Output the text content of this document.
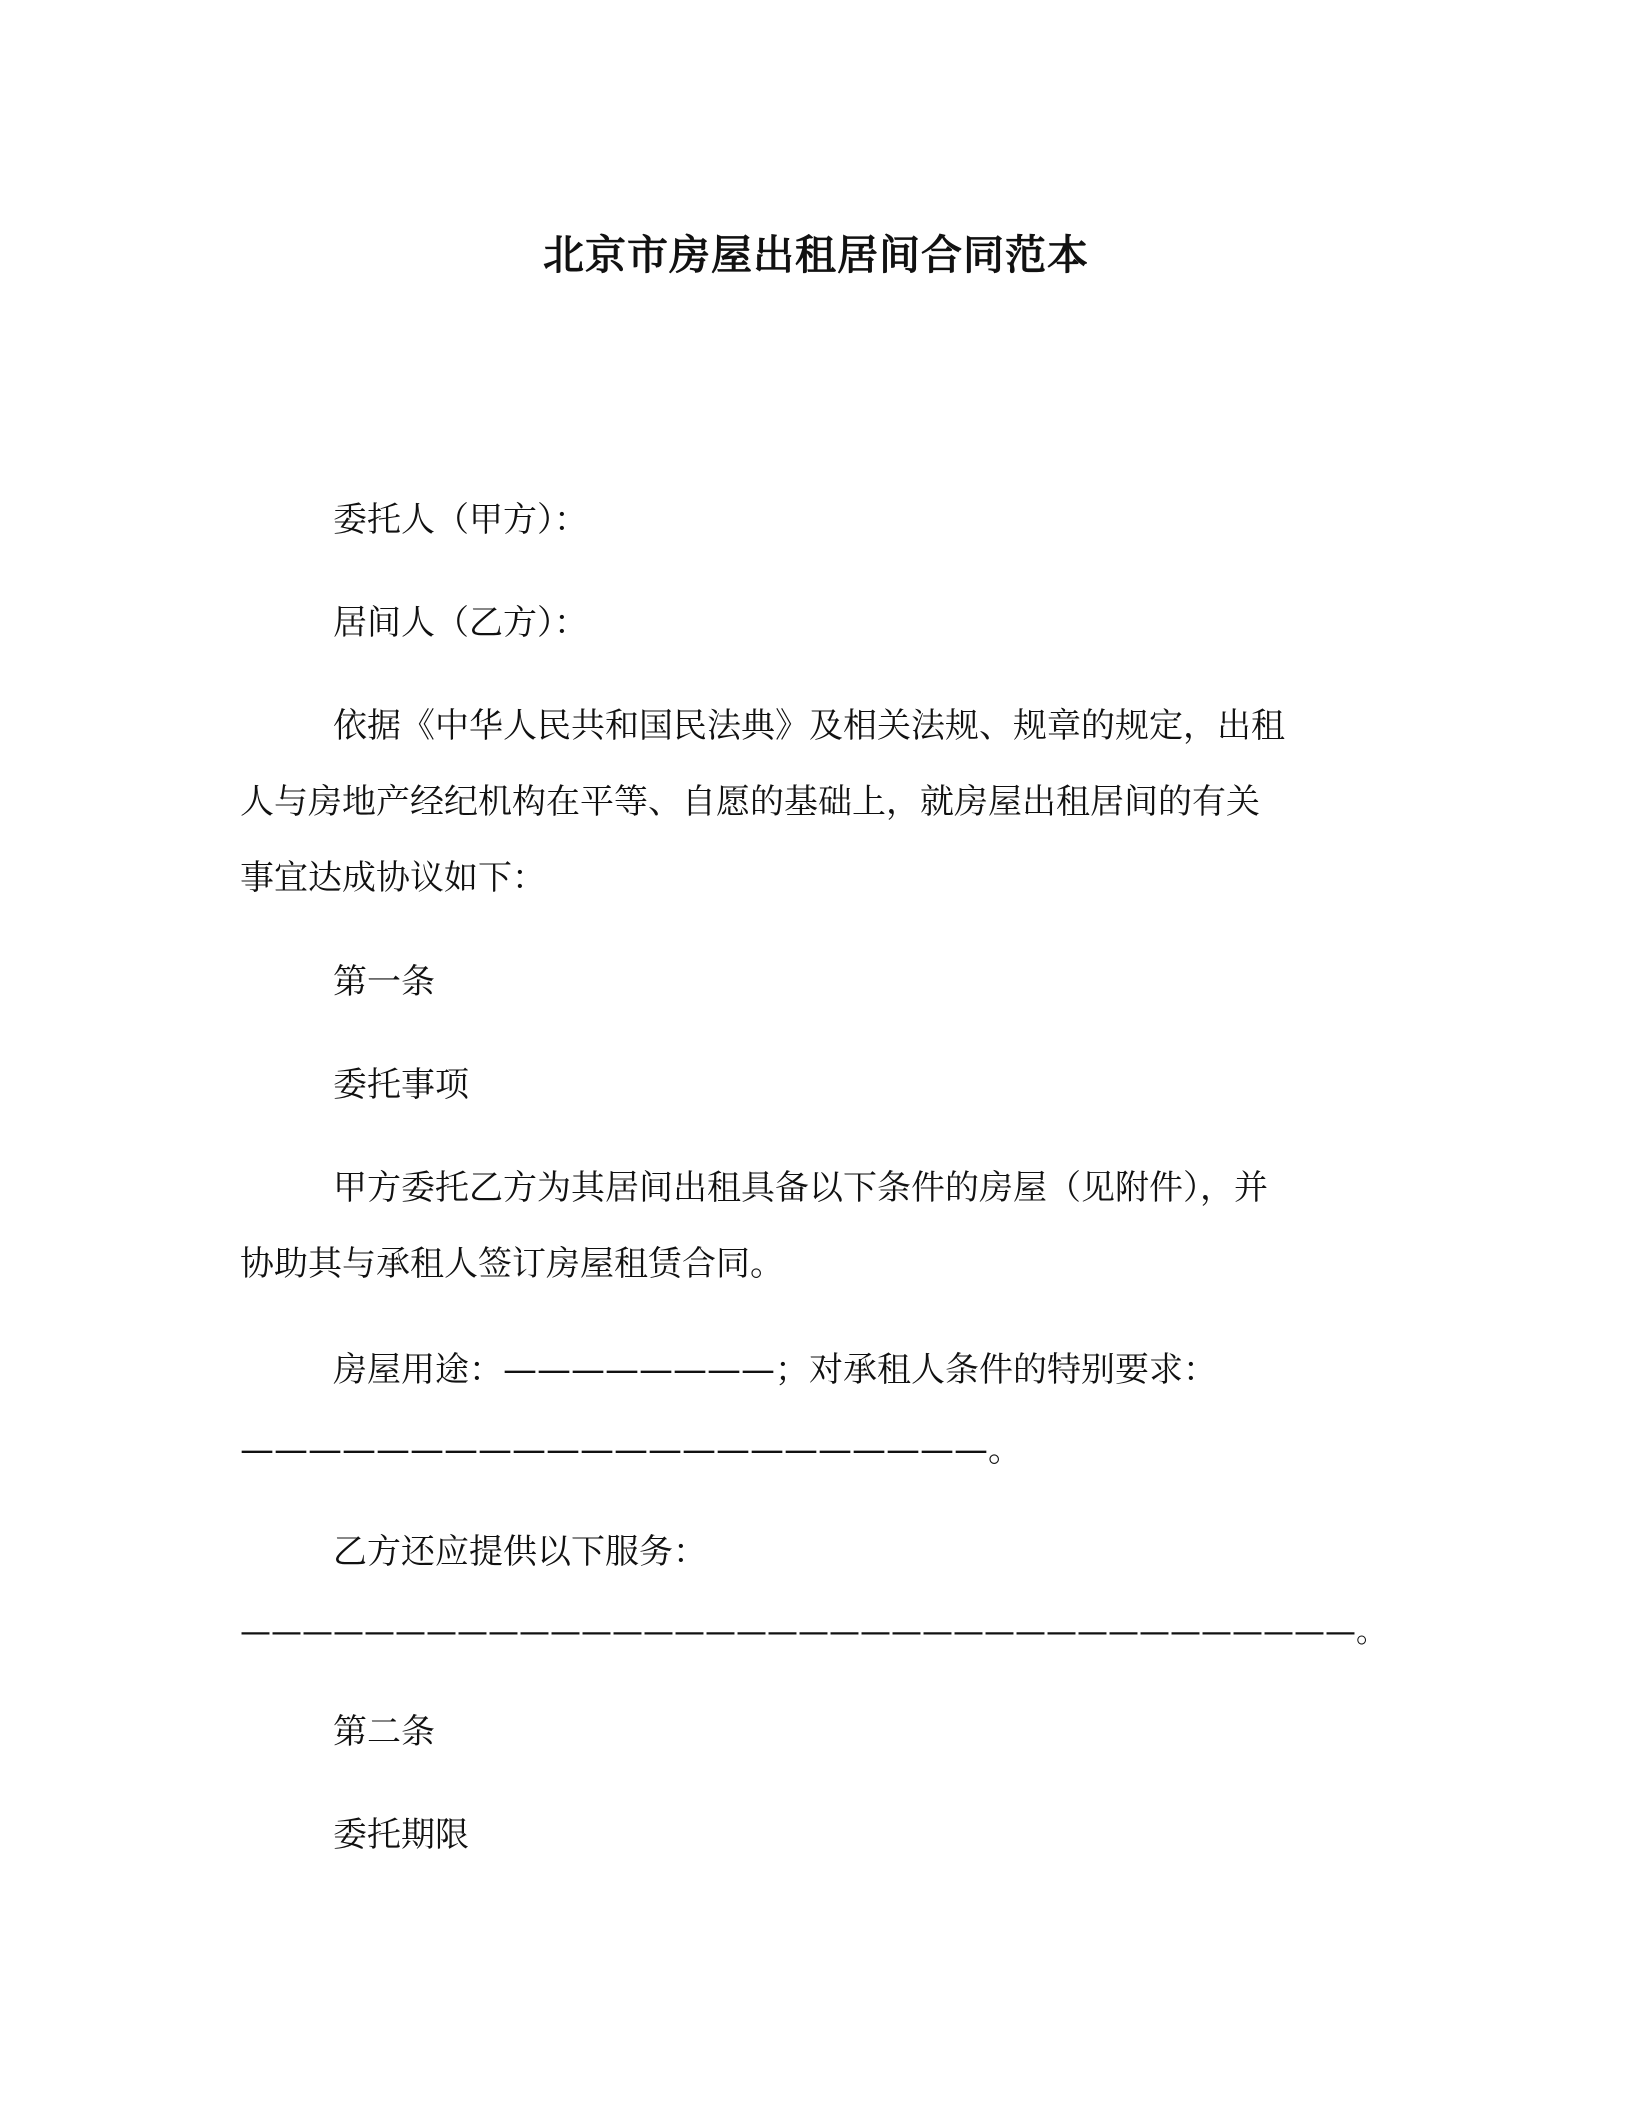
北京市房屋出租居间合同范本
委托人（甲方）：
居间人（乙方）：
依据《中华人民共和国民法典》及相关法规、规章的规定，出租
人与房地产经纪机构在平等、自愿的基础上，就房屋出租居间的有关
事宜达成协议如下：
第一条
委托事项
甲方委托乙方为其居间出租具备以下条件的房屋（见附件），并
协助其与承租人签订房屋租赁合同。
房屋用途：————————；对承租人条件的特别要求：
——————————————————————。
乙方还应提供以下服务：
————————————————————————————————————。
第二条
委托期限
